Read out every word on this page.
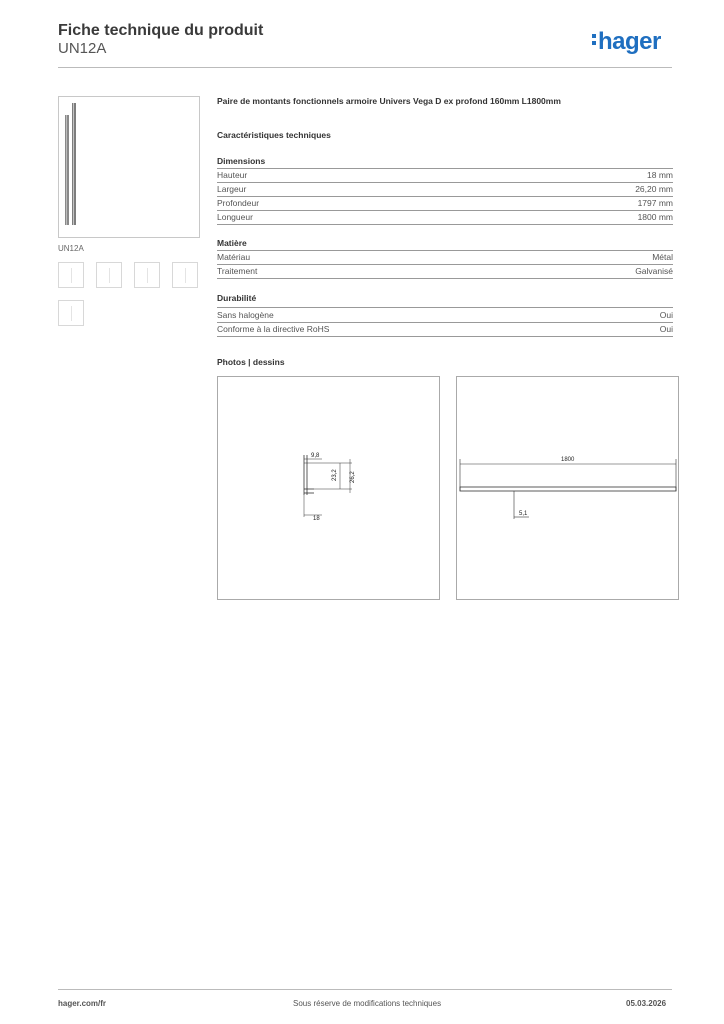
Fiche technique du produit
UN12A	hager
UN12A
Paire de montants fonctionnels armoire Univers Vega D ex profond 160mm L1800mm
Caractéristiques techniques
Dimensions
Hauteur	18 mm
Largeur	26,20 mm
Profondeur	1797 mm
Longueur	1800 mm
Matière
Matériau	Métal
Traitement	Galvanisé
Durabilité
Sans halogène	Oui
Conforme à la directive RoHS	Oui
Photos | dessins
9,8
23,2 26,2
18
1800
5,1
hager.com/fr	Sous réserve de modifications techniques	05.03.2026
